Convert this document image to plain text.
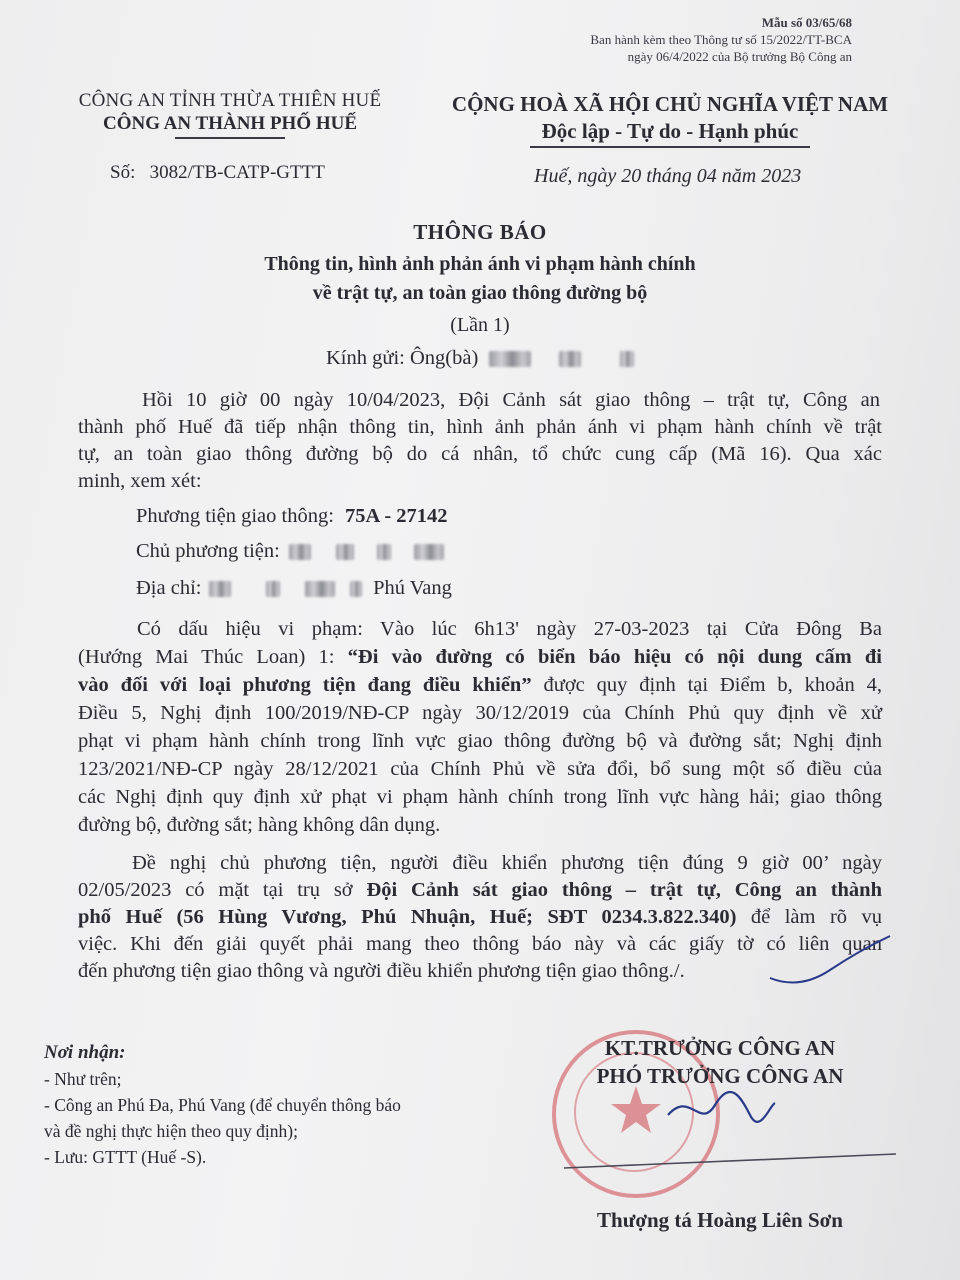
Mẫu số 03/65/68
Ban hành kèm theo Thông tư số 15/2022/TT-BCA
ngày 06/4/2022 của Bộ trưởng Bộ Công an
CÔNG AN TỈNH THỪA THIÊN HUẾ
CÔNG AN THÀNH PHỐ HUẾ
Số: 3082/TB-CATP-GTTT
CỘNG HOÀ XÃ HỘI CHỦ NGHĨA VIỆT NAM
Độc lập - Tự do - Hạnh phúc
Huế, ngày 20 tháng 04 năm 2023
THÔNG BÁO
Thông tin, hình ảnh phản ánh vi phạm hành chính
về trật tự, an toàn giao thông đường bộ
(Lần 1)
Kính gửi: Ông(bà)
Hồi 10 giờ 00 ngày 10/04/2023, Đội Cảnh sát giao thông – trật tự, Công an
thành phố Huế đã tiếp nhận thông tin, hình ảnh phản ánh vi phạm hành chính về trật
tự, an toàn giao thông đường bộ do cá nhân, tổ chức cung cấp (Mã 16). Qua xác
minh, xem xét:
Phương tiện giao thông: 75A - 27142
Chủ phương tiện:
Địa chỉ:	Phú Vang
Có dấu hiệu vi phạm: Vào lúc 6h13' ngày 27-03-2023 tại Cửa Đông Ba
(Hướng Mai Thúc Loan) 1: “Đi vào đường có biển báo hiệu có nội dung cấm đi
vào đối với loại phương tiện đang điều khiển” được quy định tại Điểm b, khoản 4,
Điều 5, Nghị định 100/2019/NĐ-CP ngày 30/12/2019 của Chính Phủ quy định về xử
phạt vi phạm hành chính trong lĩnh vực giao thông đường bộ và đường sắt; Nghị định
123/2021/NĐ-CP ngày 28/12/2021 của Chính Phủ về sửa đổi, bổ sung một số điều của
các Nghị định quy định xử phạt vi phạm hành chính trong lĩnh vực hàng hải; giao thông
đường bộ, đường sắt; hàng không dân dụng.
Đề nghị chủ phương tiện, người điều khiển phương tiện đúng 9 giờ 00’ ngày
02/05/2023 có mặt tại trụ sở Đội Cảnh sát giao thông – trật tự, Công an thành
phố Huế (56 Hùng Vương, Phú Nhuận, Huế; SĐT 0234.3.822.340) để làm rõ vụ
việc. Khi đến giải quyết phải mang theo thông báo này và các giấy tờ có liên quan
đến phương tiện giao thông và người điều khiển phương tiện giao thông./.
Nơi nhận:
- Như trên;
- Công an Phú Đa, Phú Vang (để chuyển thông báo
và đề nghị thực hiện theo quy định);
- Lưu: GTTT (Huế -S).
KT.TRƯỞNG CÔNG AN
PHÓ TRƯỞNG CÔNG AN
Thượng tá Hoàng Liên Sơn
